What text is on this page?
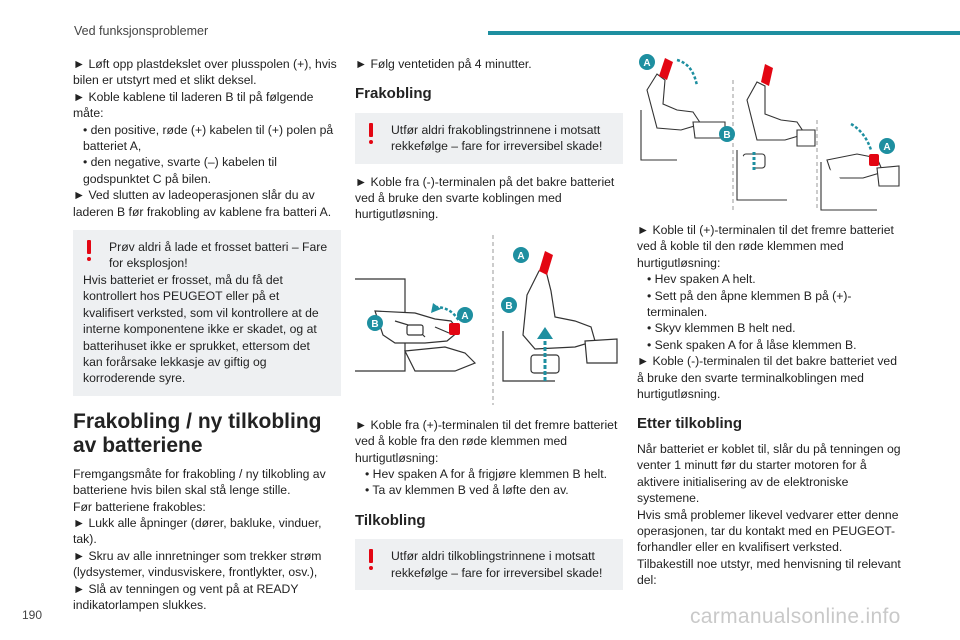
Ved funksjonsproblemer
► Løft opp plastdekslet over plusspolen (+), hvis bilen er utstyrt med et slikt deksel.
► Koble kablene til laderen B til på følgende måte:
• den positive, røde (+) kabelen til (+) polen på batteriet A,
• den negative, svarte (–) kabelen til godspunktet C på bilen.
► Ved slutten av ladeoperasjonen slår du av laderen B før frakobling av kablene fra batteri A.
Prøv aldri å lade et frosset batteri – Fare for eksplosjon!
Hvis batteriet er frosset, må du få det kontrollert hos PEUGEOT eller på et kvalifisert verksted, som vil kontrollere at de interne komponentene ikke er skadet, og at batterihuset ikke er sprukket, ettersom det kan forårsake lekkasje av giftig og korroderende syre.
Frakobling / ny tilkobling av batteriene
Fremgangsmåte for frakobling / ny tilkobling av batteriene hvis bilen skal stå lenge stille.
Før batteriene frakobles:
► Lukk alle åpninger (dører, bakluke, vinduer, tak).
► Skru av alle innretninger som trekker strøm (lydsystemer, vindusviskere, frontlykter, osv.),
► Slå av tenningen og vent på at READY indikatorlampen slukkes.
► Følg ventetiden på 4 minutter.
Frakobling
Utfør aldri frakoblingstrinnene i motsatt rekkefølge – fare for irreversibel skade!
► Koble fra (-)-terminalen på det bakre batteriet ved å bruke den svarte koblingen med hurtigutløsning.
B
A
A
B
► Koble fra (+)-terminalen til det fremre batteriet ved å koble fra den røde klemmen med hurtigutløsning:
• Hev spaken A for å frigjøre klemmen B helt.
• Ta av klemmen B ved å løfte den av.
Tilkobling
Utfør aldri tilkoblingstrinnene i motsatt rekkefølge – fare for irreversibel skade!
A
B
A
► Koble til (+)-terminalen til det fremre batteriet ved å koble til den røde klemmen med hurtigutløsning:
• Hev spaken A helt.
• Sett på den åpne klemmen B på (+)-terminalen.
• Skyv klemmen B helt ned.
• Senk spaken A for å låse klemmen B.
► Koble (-)-terminalen til det bakre batteriet ved å bruke den svarte terminalkoblingen med hurtigutløsning.
Etter tilkobling
Når batteriet er koblet til, slår du på tenningen og venter 1 minutt før du starter motoren for å aktivere initialisering av de elektroniske systemene.
Hvis små problemer likevel vedvarer etter denne operasjonen, tar du kontakt med en PEUGEOT-forhandler eller en kvalifisert verksted.
Tilbakestill noe utstyr, med henvisning til relevant del:
190	carmanualsonline.info
